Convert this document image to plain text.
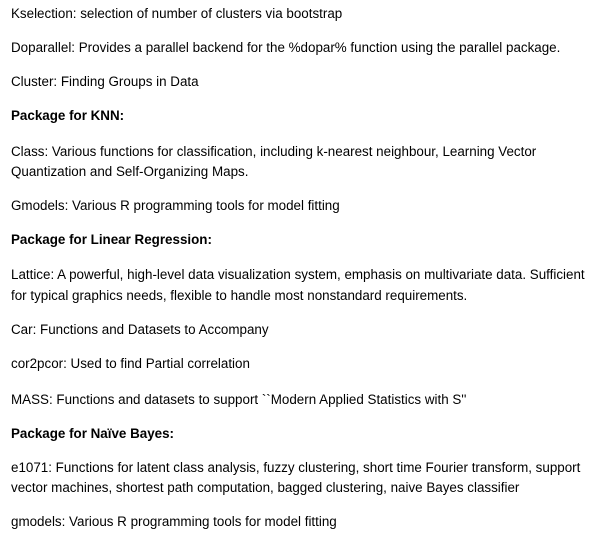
Kselection: selection of number of clusters via bootstrap
Doparallel: Provides a parallel backend for the %dopar% function using the parallel package.
Cluster: Finding Groups in Data
Package for KNN:
Class: Various functions for classification, including k-nearest neighbour, Learning Vector
Quantization and Self-Organizing Maps.
Gmodels: Various R programming tools for model fitting
Package for Linear Regression:
Lattice: A powerful, high-level data visualization system, emphasis on multivariate data. Sufficient
for typical graphics needs, flexible to handle most nonstandard requirements.
Car: Functions and Datasets to Accompany
cor2pcor: Used to find Partial correlation
MASS: Functions and datasets to support ``Modern Applied Statistics with S''
Package for Naïve Bayes:
e1071: Functions for latent class analysis, fuzzy clustering, short time Fourier transform, support
vector machines, shortest path computation, bagged clustering, naive Bayes classifier
gmodels: Various R programming tools for model fitting
